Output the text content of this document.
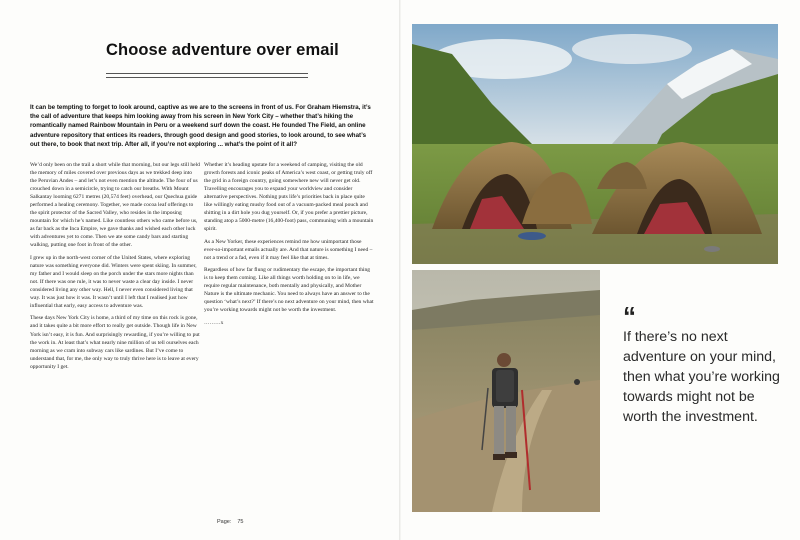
Choose adventure over email

It can be tempting to forget to look around, captive as we are to the screens in front of us. For Graham Hiemstra, it’s the call of adventure that keeps him looking away from his screen in New York City – whether that’s hiking the romantically named Rainbow Mountain in Peru or a weekend surf down the coast. He founded The Field, an online adventure repository that entices its readers, through good design and good stories, to look around, to see what’s out there, to book that next trip. After all, if you’re not exploring ... what’s the point of it all?

We’d only been on the trail a short while that morning, but our legs still held the memory of miles covered over previous days as we trekked deep into the Peruvian Andes – and let’s not even mention the altitude. The four of us crouched down in a semicircle, trying to catch our breaths. With Mount Salkantay looming 6271 metres (20,574 feet) overhead, our Quechua guide performed a healing ceremony. Together, we made cocoa leaf offerings to the spirit protector of the Sacred Valley, who resides in the imposing mountain for which he’s named. Like countless others who came before us, as far back as the Inca Empire, we gave thanks and wished each other luck with adventures yet to come. Then we ate some candy bars and starting walking, putting one foot in front of the other.

I grew up in the north-west corner of the United States, where exploring nature was something everyone did. Winters were spent skiing. In summer, my father and I would sleep on the porch under the stars more nights than not. If there was one rule, it was to never waste a clear day inside. I never considered living any other way. Hell, I never even considered living that way. It was just how it was. It wasn’t until I left that I realised just how influential that early, easy access to adventure was.

These days New York City is home, a third of my time on this rock is gone, and it takes quite a bit more effort to really get outside. Though life in New York isn’t easy, it is fun. And surprisingly rewarding, if you’re willing to put the work in. At least that’s what nearly nine million of us tell ourselves each morning as we cram into subway cars like sardines. But I’ve come to understand that, for me, the only way to truly thrive here is to leave at every opportunity I get.

Whether it’s heading upstate for a weekend of camping, visiting the old growth forests and iconic peaks of America’s west coast, or getting truly off the grid in a foreign country, going somewhere new will never get old. Travelling encourages you to expand your worldview and consider alternative perspectives. Nothing puts life’s priorities back in place quite like willingly eating mushy food out of a vacuum-packed meal pouch and shitting in a dirt hole you dug yourself. Or, if you prefer a prettier picture, standing atop a 5000-metre (16,400-foot) pass, communing with a mountain spirit.

As a New Yorker, these experiences remind me how unimportant those ever-so-important emails actually are. And that nature is something I need – not a trend or a fad, even if it may feel like that at times.

Regardless of how far flung or rudimentary the escape, the important thing is to keep them coming. Like all things worth holding on to in life, we require regular maintenance, both mentally and physically, and Mother Nature is the ultimate mechanic. You need to always have an answer to the question ‘what’s next?’ If there’s no next adventure on your mind, then what you’re working towards might not be worth the investment.

………x

Page: 75
“

If there’s no next adventure on your mind, then what you’re working towards might not be worth the investment.
